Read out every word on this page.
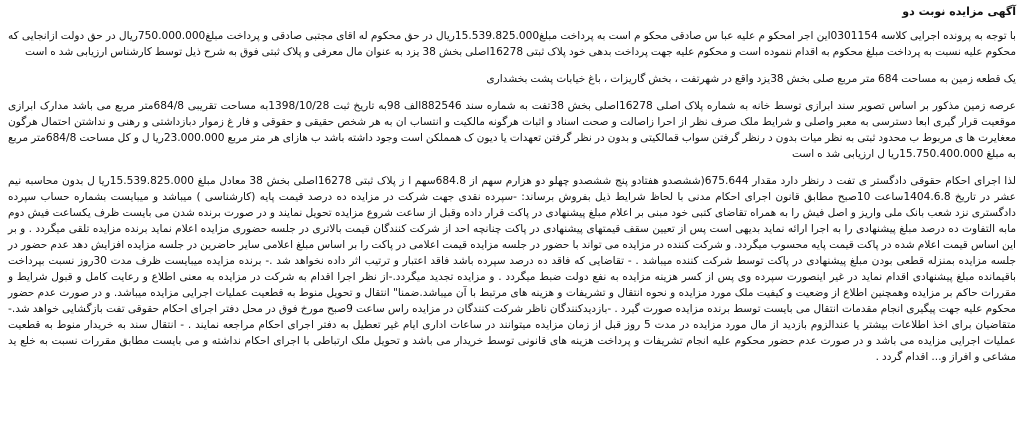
آگهی مزایده نوبت دو

با توجه به پرونده اجرایی کلاسه 0301154این اجر امحکو م علیه عبا س صادقی محکو م است به پرداخت مبلغ15.539.825.000ریال در حق محکوم له اقای مجتبی صادقی و پرداخت مبلغ750.000.000ریال در حق دولت ازانجایی که محکوم علیه نسبت به پرداخت مبلغ محکوم به اقدام ننموده است و محکوم علیه جهت پرداخت بدهی خود پلاک ثبتی 16278اصلی بخش 38 یزد به عنوان مال معرفی و پلاک ثبتی فوق به شرح ذیل توسط کارشناس ارزیابی شد ه است

یک قطعه زمین به مساحت 684 متر مربع صلی بخش 38یزد واقع در شهرتفت ، بخش گاریزات ، باغ خیابات پشت بخشداری

عرصه زمین مذکور بر اساس تصویر سند ابرازی توسط خانه به شماره پلاک اصلی 16278اصلی بخش 38تفت به شماره سند 882546الف 98به تاریخ ثبت 1398/10/28به مساحت تقریبی 684/8متر مربع می باشد مدارک ابرازی موقعیت قرار گیری ابعا دسترسی به معبر واصلی و شرایط ملک صرف نظر از احرا زاصالت و صحت اسناد و اثبات هرگونه مالکیت و انتساب ان به هر شخص حقیقی و حقوقی و فار غ زموار دبازداشتی و رهنی و نداشتن احتمال هرگون معغایرت ها ی مربوط ب محدود ثبتی به نظر میات بدون د رنظر گرفتن سواب قمالکیتی و بدون در نظر گرفتن تعهدات یا دیون ک همملکن است وجود داشته باشد ب هازای هر متر مربع 23.000.000ریا ل و کل مساحت 684/8متر مربع به مبلغ 15.750.400.000ریا ل ارزیابی شد ه است

لذا اجرای احکام حقوقی دادگستر ی تفت د رنظر دارد مقدار 675.644(ششصدو هفتادو پنج ششصدو چهلو دو هزارم سهم از 684.8سهم ا ز پلاک ثبتی 16278اصلی بخش 38 معادل مبلغ 15.539.825.000ریا ل بدون محاسبه نیم عشر در تاریخ 1404.6.8ساعت 10صبح مطابق قانون اجرای احکام مدنی با لحاظ شرایط ذیل بفروش برساند: -سپرده نقدی جهت شرکت در مزایده ده درصد قیمت پایه (کارشناسی ) میباشد و میبایست بشماره حساب سپرده دادگستری نزد شعب بانک ملی واریز و اصل فیش را به همراه تقاضای کتبی خود مبنی بر اعلام مبلغ پیشنهادی در پاکت قرار داده وقبل از ساعت شروع مزایده تحویل نمایند و در صورت برنده شدن می بایست ظرف یکساعت فیش دوم مابه التفاوت ده درصد مبلغ پیشنهادی را به اجرا ارائه نماید بدیهی است پس از تعیین سقف قیمتهای پیشنهادی در پاکت چنانچه احد از شرکت کنندگان قیمت بالاتری در جلسه حضوری مزایده اعلام نماید برنده مزایده تلقی میگردد . و بر این اساس قیمت اعلام شده در پاکت قیمت پایه محسوب میگردد. و شرکت کننده در مزایده می تواند با حضور در جلسه مزایده قیمت اعلامی در پاکت را بر اساس مبلغ اعلامی سایر حاضرین در جلسه مزایده افزایش دهد عدم حضور در جلسه مزایده بمنزله قطعی بودن مبلغ پیشنهادی در پاکت توسط شرکت کننده میباشد . - تقاضایی که فاقد ده درصد سپرده باشد فاقد اعتبار و ترتیب اثر داده نخواهد شد .- برنده مزایده میبایست ظرف مدت 30روز نسبت بپرداخت باقیمانده مبلغ پیشنهادی اقدام نماید در غیر اینصورت سپرده وی پس از کسر هزینه مزایده به نفع دولت ضبط میگردد . و مزایده تجدید میگردد.-از نظر اجرا اقدام به شرکت در مزایده به معنی اطلاع و رعایت کامل و قبول شرایط و مقررات حاکم بر مزایده وهمچنین اطلاع از وضعیت و کیفیت ملک مورد مزایده و نحوه انتقال و تشریفات و هزینه های مرتبط با آن میباشد.ضمنا" انتقال و تحویل منوط به قطعیت عملیات اجرایی مزایده میباشد. و در صورت عدم حضور محکوم علیه جهت پیگیری انجام مقدمات انتقال می بایست توسط برنده مزایده صورت گیرد . -بازدیدکنندگان ناظر شرکت کنندگان در مزایده راس ساعت 9صبح مورخ فوق در محل دفتر اجرای احکام حقوقی تفت بازگشایی خواهد شد.-متقاضیان برای اخذ اطلاعات بیشتر یا عندالزوم بازدید از مال مورد مزایده در مدت 5 روز قبل از زمان مزایده میتوانند در ساعات اداری ایام غیر تعطیل به دفتر اجرای احکام مراجعه نمایند . - انتقال سند به خریدار منوط به قطعیت عملیات اجرایی مزایده می باشد و در صورت عدم حضور محکوم علیه انجام تشریفات و پرداخت هزینه های قانونی توسط خریدار می باشد و تحویل ملک ارتباطی با اجرای احکام نداشته و می بایست مطابق مقررات نسبت به خلع ید مشاعی و افراز و... اقدام گردد .
